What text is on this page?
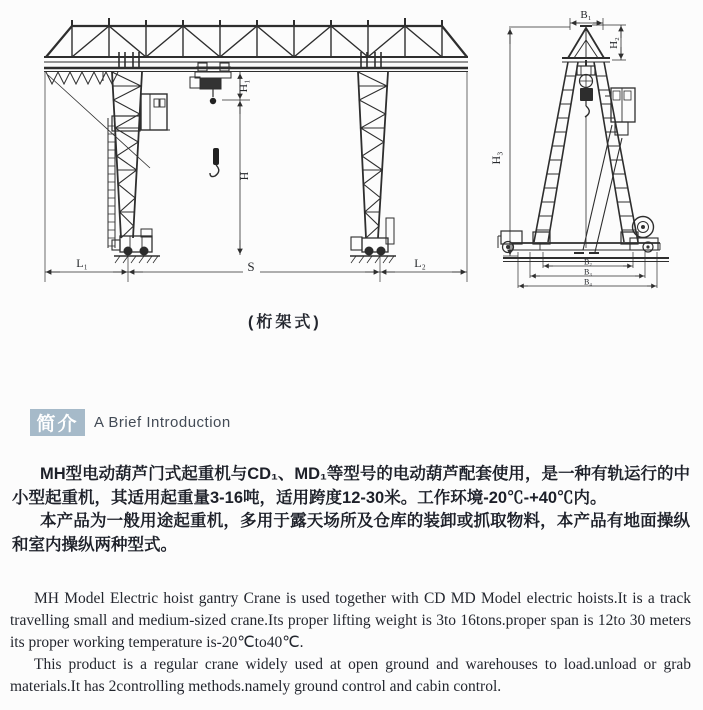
H₁
H
L₁	S	L₂
B₁
H₂
H₃
B₂
B₃
B₄
(桁架式)
简介	A Brief Introduction

MH型电动葫芦门式起重机与CD₁、MD₁等型号的电动葫芦配套使用，是一种有轨运行的中小型起重机，其适用起重量3-16吨，适用跨度12-30米。工作环境-20℃-+40℃内。

本产品为一般用途起重机，多用于露天场所及仓库的装卸或抓取物料，本产品有地面操纵和室内操纵两种型式。

MH Model Electric hoist gantry Crane is used together with CD MD Model electric hoists.It is a track travelling small and medium-sized crane.Its proper lifting weight is 3to 16tons.proper span is 12to 30 meters its proper working temperature is-20℃to40℃.

This product is a regular crane widely used at open ground and warehouses to load.unload or grab materials.It has 2controlling methods.namely ground control and cabin control.
